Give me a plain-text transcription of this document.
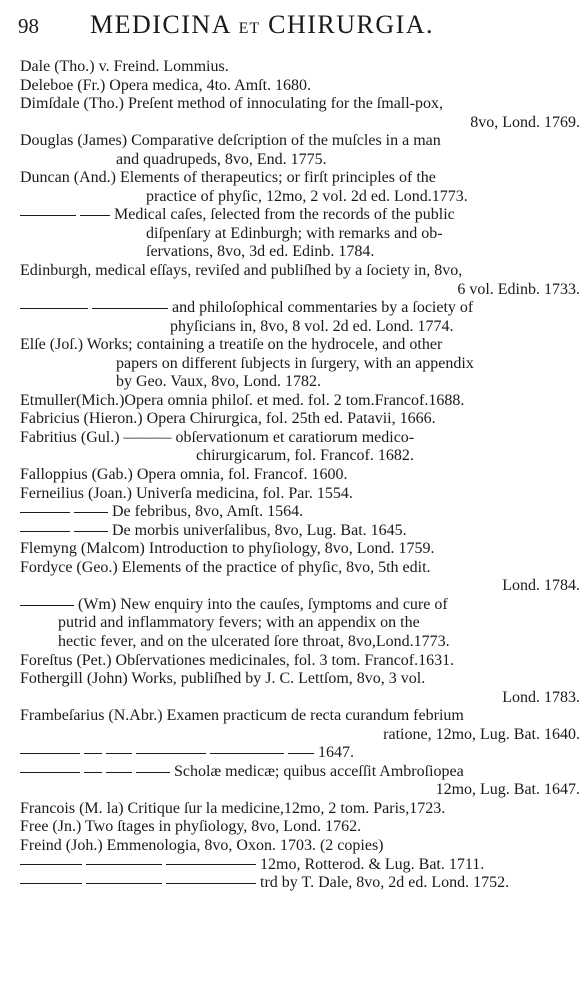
98 MEDICINA ET CHIRURGIA.
Dale (Tho.) v. Freind. Lommius.
Deleboe (Fr.) Opera medica, 4to. Amſt. 1680.
Dimſdale (Tho.) Preſent method of innoculating for the ſmall-pox,
8vo, Lond. 1769.
Douglas (James) Comparative deſcription of the muſcles in a man
and quadrupeds, 8vo, End. 1775.
Duncan (And.) Elements of therapeutics; or firſt principles of the
practice of phyſic, 12mo, 2 vol. 2d ed. Lond.1773.
Medical caſes, ſelected from the records of the public
diſpenſary at Edinburgh; with remarks and ob-
ſervations, 8vo, 3d ed. Edinb. 1784.
Edinburgh, medical eſſays, reviſed and publiſhed by a ſociety in, 8vo,
6 vol. Edinb. 1733.
and philoſophical commentaries by a ſociety of
phyſicians in, 8vo, 8 vol. 2d ed. Lond. 1774.
Elſe (Joſ.) Works; containing a treatiſe on the hydrocele, and other
papers on different ſubjects in ſurgery, with an appendix
by Geo. Vaux, 8vo, Lond. 1782.
Etmuller(Mich.)Opera omnia philoſ. et med. fol. 2 tom.Francof.1688.
Fabricius (Hieron.) Opera Chirurgica, fol. 25th ed. Patavii, 1666.
Fabritius (Gul.) ——— obſervationum et caratiorum medico-
chirurgicarum, fol. Francof. 1682.
Falloppius (Gab.) Opera omnia, fol. Francof. 1600.
Ferneilius (Joan.) Univerſa medicina, fol. Par. 1554.
De febribus, 8vo, Amſt. 1564.
De morbis univerſalibus, 8vo, Lug. Bat. 1645.
Flemyng (Malcom) Introduction to phyſiology, 8vo, Lond. 1759.
Fordyce (Geo.) Elements of the practice of phyſic, 8vo, 5th edit.
Lond. 1784.
(Wm) New enquiry into the cauſes, ſymptoms and cure of
putrid and inflammatory fevers; with an appendix on the
hectic fever, and on the ulcerated ſore throat, 8vo,Lond.1773.
Foreſtus (Pet.) Obſervationes medicinales, fol. 3 tom. Francof.1631.
Fothergill (John) Works, publiſhed by J. C. Lettſom, 8vo, 3 vol.
Lond. 1783.
Frambeſarius (N.Abr.) Examen practicum de recta curandum febrium
ratione, 12mo, Lug. Bat. 1640.
1647.
Scholæ medicæ; quibus acceſſit Ambroſiopea
12mo, Lug. Bat. 1647.
Francois (M. la) Critique ſur la medicine,12mo, 2 tom. Paris,1723.
Free (Jn.) Two ſtages in phyſiology, 8vo, Lond. 1762.
Freind (Joh.) Emmenologia, 8vo, Oxon. 1703. (2 copies)
12mo, Rotterod. & Lug. Bat. 1711.
trd by T. Dale, 8vo, 2d ed. Lond. 1752.
